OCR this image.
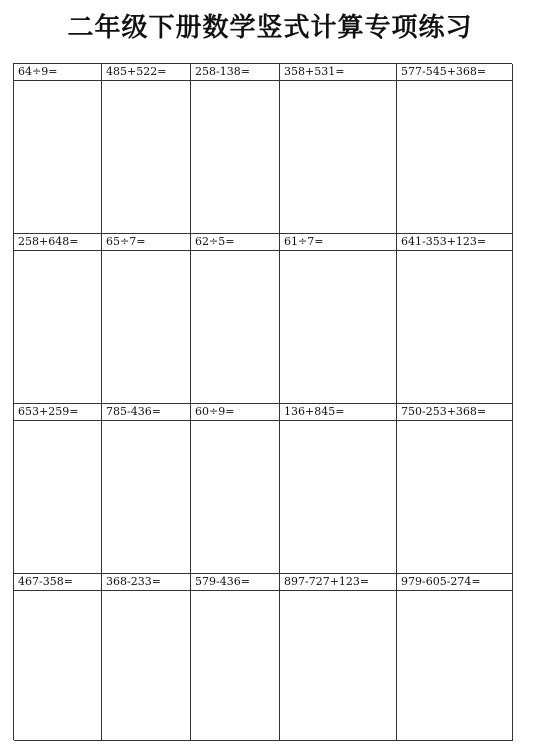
二年级下册数学竖式计算专项练习
64÷9=	485+522=	258-138=	358+531=	577-545+368=
258+648=	65÷7=	62÷5=	61÷7=	641-353+123=
653+259=	785-436=	60÷9=	136+845=	750-253+368=
467-358=	368-233=	579-436=	897-727+123=	979-605-274=
